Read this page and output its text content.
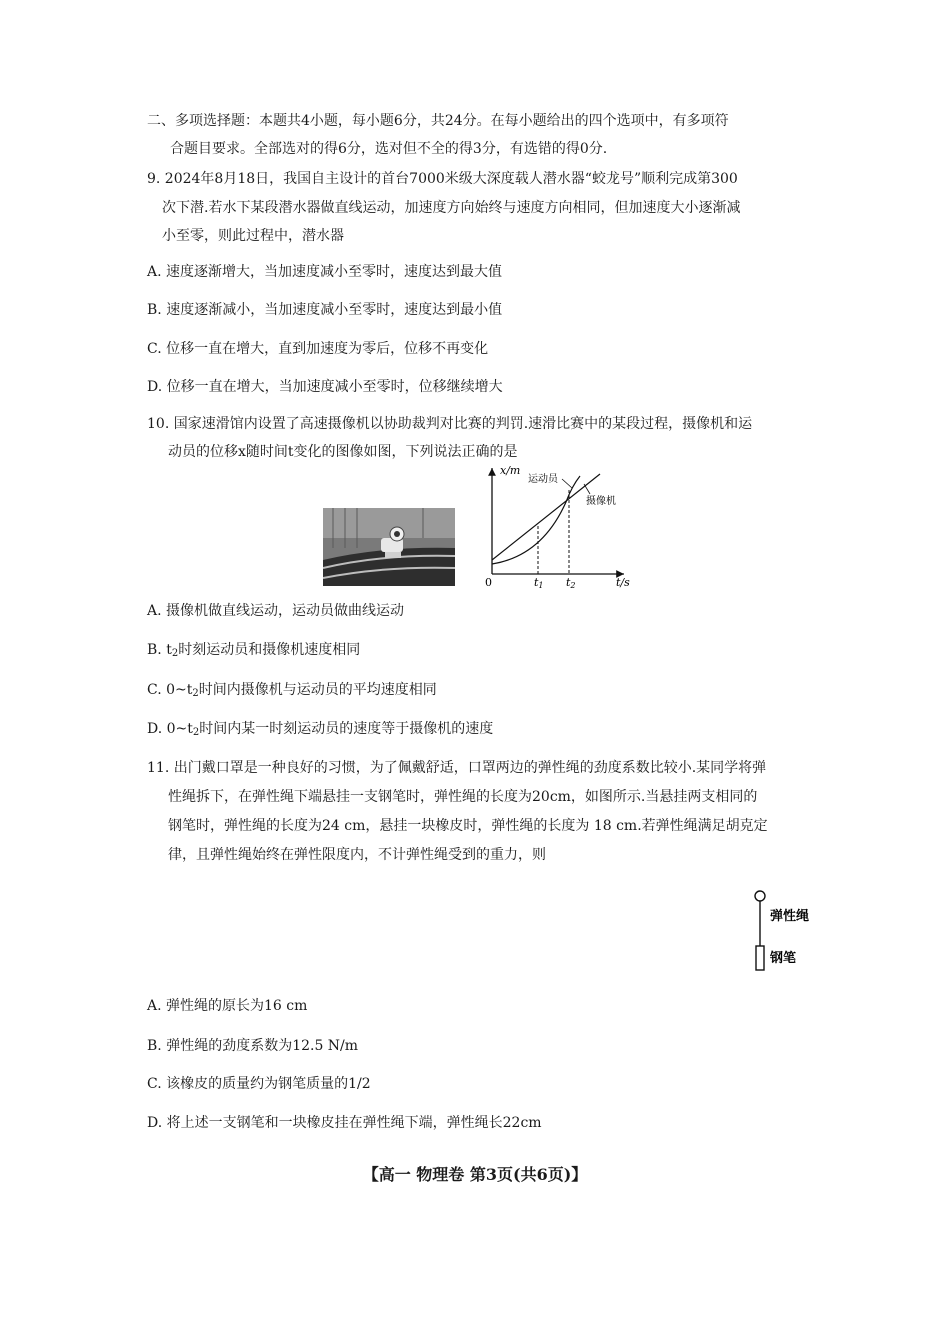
二、多项选择题：本题共4小题，每小题6分，共24分。在每小题给出的四个选项中，有多项符
合题目要求。全部选对的得6分，选对但不全的得3分，有选错的得0分.
9. 2024年8月18日，我国自主设计的首台7000米级大深度载人潜水器“蛟龙号”顺利完成第300
次下潜.若水下某段潜水器做直线运动，加速度方向始终与速度方向相同，但加速度大小逐渐减
小至零，则此过程中，潜水器
A. 速度逐渐增大，当加速度减小至零时，速度达到最大值
B. 速度逐渐减小，当加速度减小至零时，速度达到最小值
C. 位移一直在增大，直到加速度为零后，位移不再变化
D. 位移一直在增大，当加速度减小至零时，位移继续增大
10. 国家速滑馆内设置了高速摄像机以协助裁判对比赛的判罚.速滑比赛中的某段过程，摄像机和运
动员的位移x随时间t变化的图像如图，下列说法正确的是
x/m
t/s
0	t1 t2
运动员
摄像机
A. 摄像机做直线运动，运动员做曲线运动
B. $t_2$时刻运动员和摄像机速度相同
C. $0\sim t_2$时间内摄像机与运动员的平均速度相同
D. $0\sim t_2$时间内某一时刻运动员的速度等于摄像机的速度
11. 出门戴口罩是一种良好的习惯，为了佩戴舒适，口罩两边的弹性绳的劲度系数比较小.某同学将弹
性绳拆下，在弹性绳下端悬挂一支钢笔时，弹性绳的长度为20cm，如图所示.当悬挂两支相同的
钢笔时，弹性绳的长度为24 cm，悬挂一块橡皮时，弹性绳的长度为 18 cm.若弹性绳满足胡克定
律，且弹性绳始终在弹性限度内，不计弹性绳受到的重力，则
弹性绳
钢笔
A. 弹性绳的原长为16 cm
B. 弹性绳的劲度系数为12.5 N/m
C. 该橡皮的质量约为钢笔质量的1/2
D. 将上述一支钢笔和一块橡皮挂在弹性绳下端，弹性绳长22cm
【高一 物理卷 第3页(共6页)】
